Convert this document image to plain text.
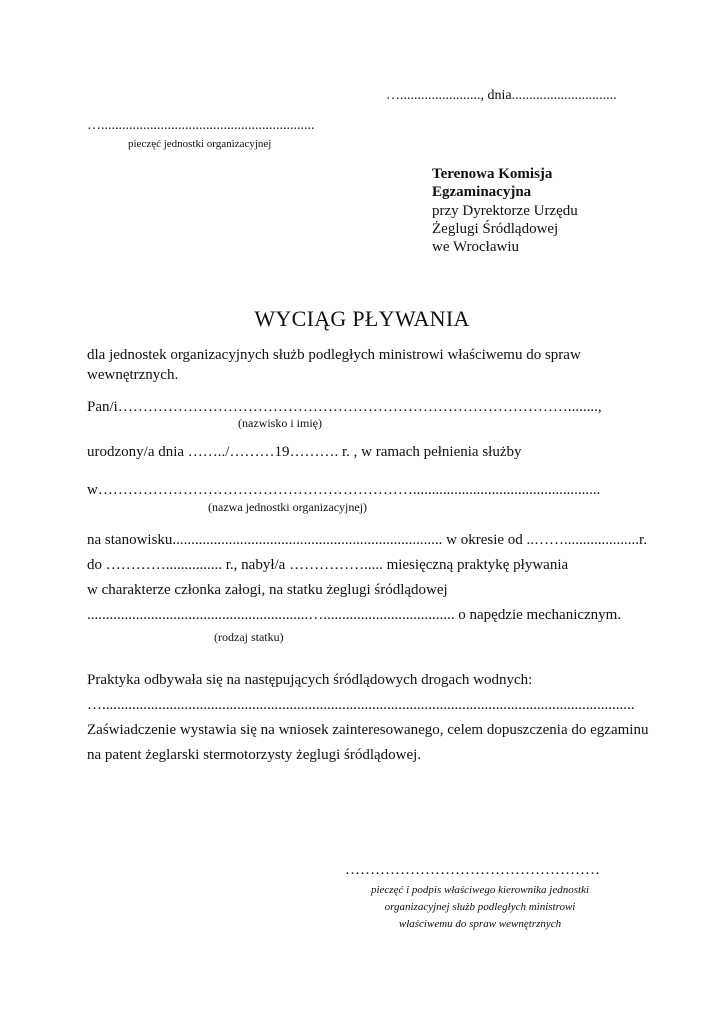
…......................., dnia..............................
….............................................................
pieczęć jednostki organizacyjnej
Terenowa Komisja
Egzaminacyjna
przy Dyrektorze Urzędu
Żeglugi Śródlądowej
we Wrocławiu
WYCIĄG PŁYWANIA
dla jednostek organizacyjnych służb podległych ministrowi właściwemu do spraw
wewnętrznych.
Pan/i………………………………………………………………………………........,
(nazwisko i imię)
urodzony/a dnia ……../………19………. r. , w ramach pełnienia służby
w………………………………………………………..................................................
(nazwa jednostki organizacyjnej)
na stanowisku........................................................................ w okresie od ..……....................r.
do …………............... r., nabył/a ……………..... miesięczną praktykę pływania
w charakterze członka załogi, na statku żeglugi śródlądowej
...........................................................…................................... o napędzie mechanicznym.
(rodzaj statku)
Praktyka odbywała się na następujących śródlądowych drogach wodnych:
…..............................................................................................................................................
Zaświadczenie wystawia się na wniosek zainteresowanego, celem dopuszczenia do egzaminu
na patent żeglarski stermotorzysty żeglugi śródlądowej.
……………………………………………
pieczęć i podpis właściwego kierownika jednostki
organizacyjnej służb podległych ministrowi
właściwemu do spraw wewnętrznych
